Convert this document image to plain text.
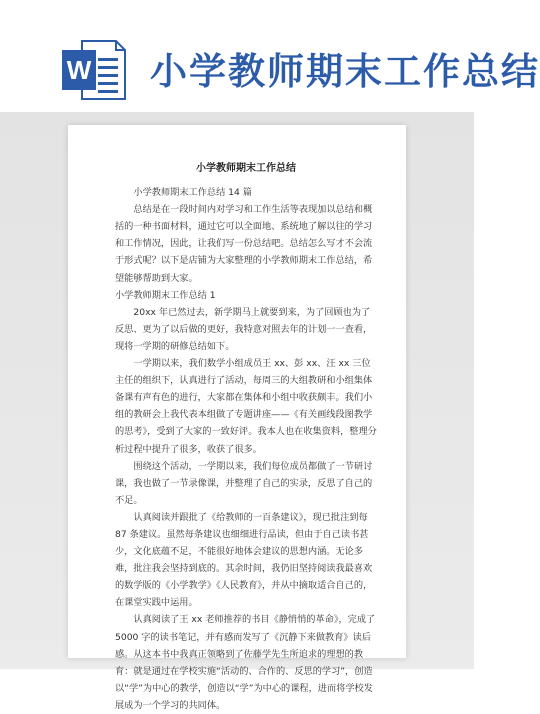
W 小学教师期末工作总结
小学教师期末工作总结

小学教师期末工作总结 14 篇

总结是在一段时间内对学习和工作生活等表现加以总结和概括的一种书面材料，通过它可以全面地、系统地了解以往的学习和工作情况，因此，让我们写一份总结吧。总结怎么写才不会流于形式呢？以下是店铺为大家整理的小学教师期末工作总结，希望能够帮助到大家。

小学教师期末工作总结 1

20xx 年已然过去，新学期马上就要到来，为了回顾也为了反思、更为了以后做的更好，我特意对照去年的计划一一查看，现将一学期的研修总结如下。

一学期以来，我们数学小组成员王 xx、彭 xx、汪 xx 三位主任的组织下，认真进行了活动，每周三的大组教研和小组集体备课有声有色的进行，大家都在集体和小组中收获颇丰。我们小组的教研会上我代表本组做了专题讲座——《有关画线段图教学的思考》，受到了大家的一致好评。我本人也在收集资料，整理分析过程中提升了很多，收获了很多。

围绕这个活动，一学期以来，我们每位成员都做了一节研讨课，我也做了一节录像课，并整理了自己的实录，反思了自己的不足。

认真阅读并跟批了《给教师的一百条建议》，现已批注到每 87 条建议。虽然每条建议也细细进行品读，但由于自己读书甚少，文化底蕴不足，不能很好地体会建议的思想内涵。无论多难，批注我会坚持到底的。其余时间，我仍旧坚持阅读我最喜欢的数学版的《小学教学》《人民教育》，并从中摘取适合自己的，在课堂实践中运用。

认真阅读了王 xx 老师推荐的书目《静悄悄的革命》，完成了 5000 字的读书笔记，并有感而发写了《沉静下来做教育》读后感。从这本书中我真正领略到了佐藤学先生所追求的理想的教育：就是通过在学校实施“活动的、合作的、反思的学习”，创造以“学”为中心的教学，创造以“学”为中心的课程，进而将学校发展成为一个学习的共同体。
